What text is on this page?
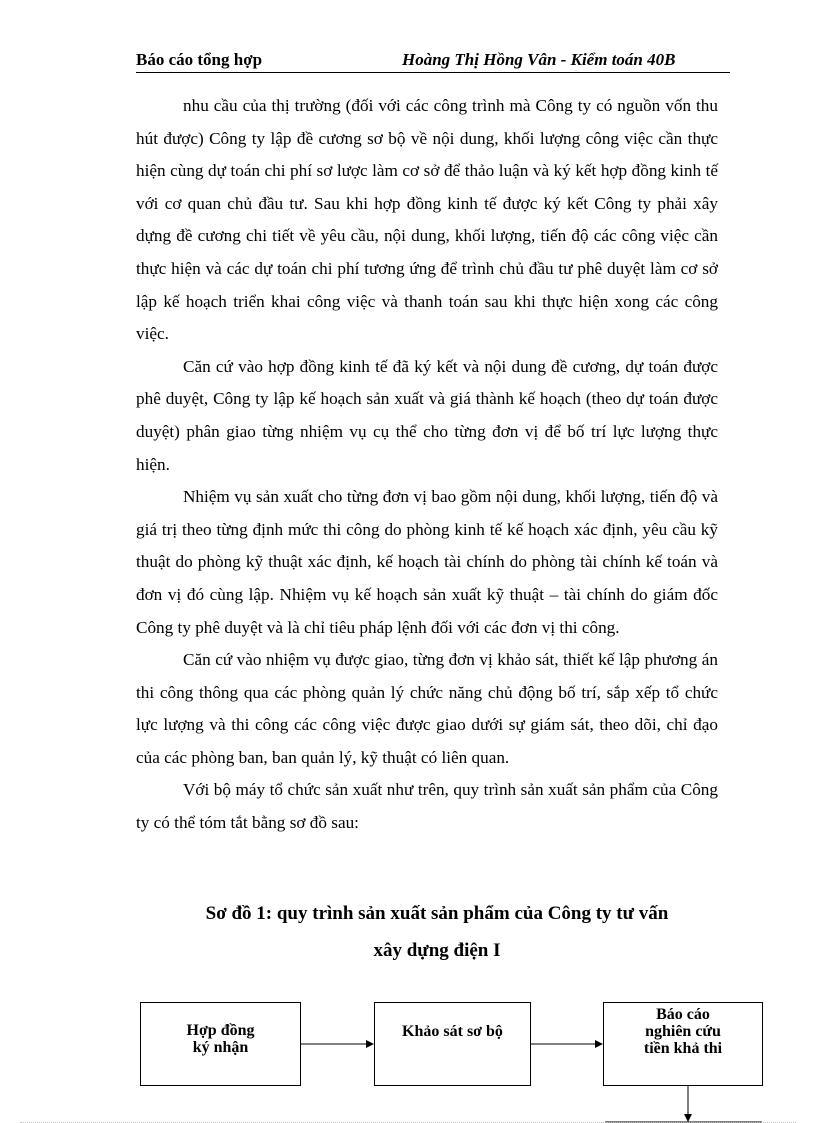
Báo cáo tổng hợp	Hoàng Thị Hồng Vân - Kiểm toán 40B

nhu cầu của thị trường (đối với các công trình mà Công ty có nguồn vốn thu hút được) Công ty lập đề cương sơ bộ về nội dung, khối lượng công việc cần thực hiện cùng dự toán chi phí sơ lược làm cơ sở để thảo luận và ký kết hợp đồng kinh tế với cơ quan chủ đầu tư. Sau khi hợp đồng kinh tế được ký kết Công ty phải xây dựng đề cương chi tiết về yêu cầu, nội dung, khối lượng, tiến độ các công việc cần thực hiện và các dự toán chi phí tương ứng để trình chủ đầu tư phê duyệt làm cơ sở lập kế hoạch triển khai công việc và thanh toán sau khi thực hiện xong các công việc.

Căn cứ vào hợp đồng kinh tế đã ký kết và nội dung đề cương, dự toán được phê duyệt, Công ty lập kế hoạch sản xuất và giá thành kế hoạch (theo dự toán được duyệt) phân giao từng nhiệm vụ cụ thể cho từng đơn vị để bố trí lực lượng thực hiện.

Nhiệm vụ sản xuất cho từng đơn vị bao gồm nội dung, khối lượng, tiến độ và giá trị theo từng định mức thi công do phòng kinh tế kế hoạch xác định, yêu cầu kỹ thuật do phòng kỹ thuật xác định, kế hoạch tài chính do phòng tài chính kế toán và đơn vị đó cùng lập. Nhiệm vụ kế hoạch sản xuất kỹ thuật – tài chính do giám đốc Công ty phê duyệt và là chỉ tiêu pháp lệnh đối với các đơn vị thi công.

Căn cứ vào nhiệm vụ được giao, từng đơn vị khảo sát, thiết kế lập phương án thi công thông qua các phòng quản lý chức năng chủ động bố trí, sắp xếp tổ chức lực lượng và thi công các công việc được giao dưới sự giám sát, theo dõi, chỉ đạo của các phòng ban, ban quản lý, kỹ thuật có liên quan.

Với bộ máy tổ chức sản xuất như trên, quy trình sản xuất sản phẩm của Công ty có thể tóm tắt bằng sơ đồ sau:

Sơ đồ 1: quy trình sản xuất sản phẩm của Công ty tư vấn
xây dựng điện I
Hợp đồng
ký nhận
Khảo sát sơ bộ
Báo cáo
nghiên cứu
tiền khả thi
